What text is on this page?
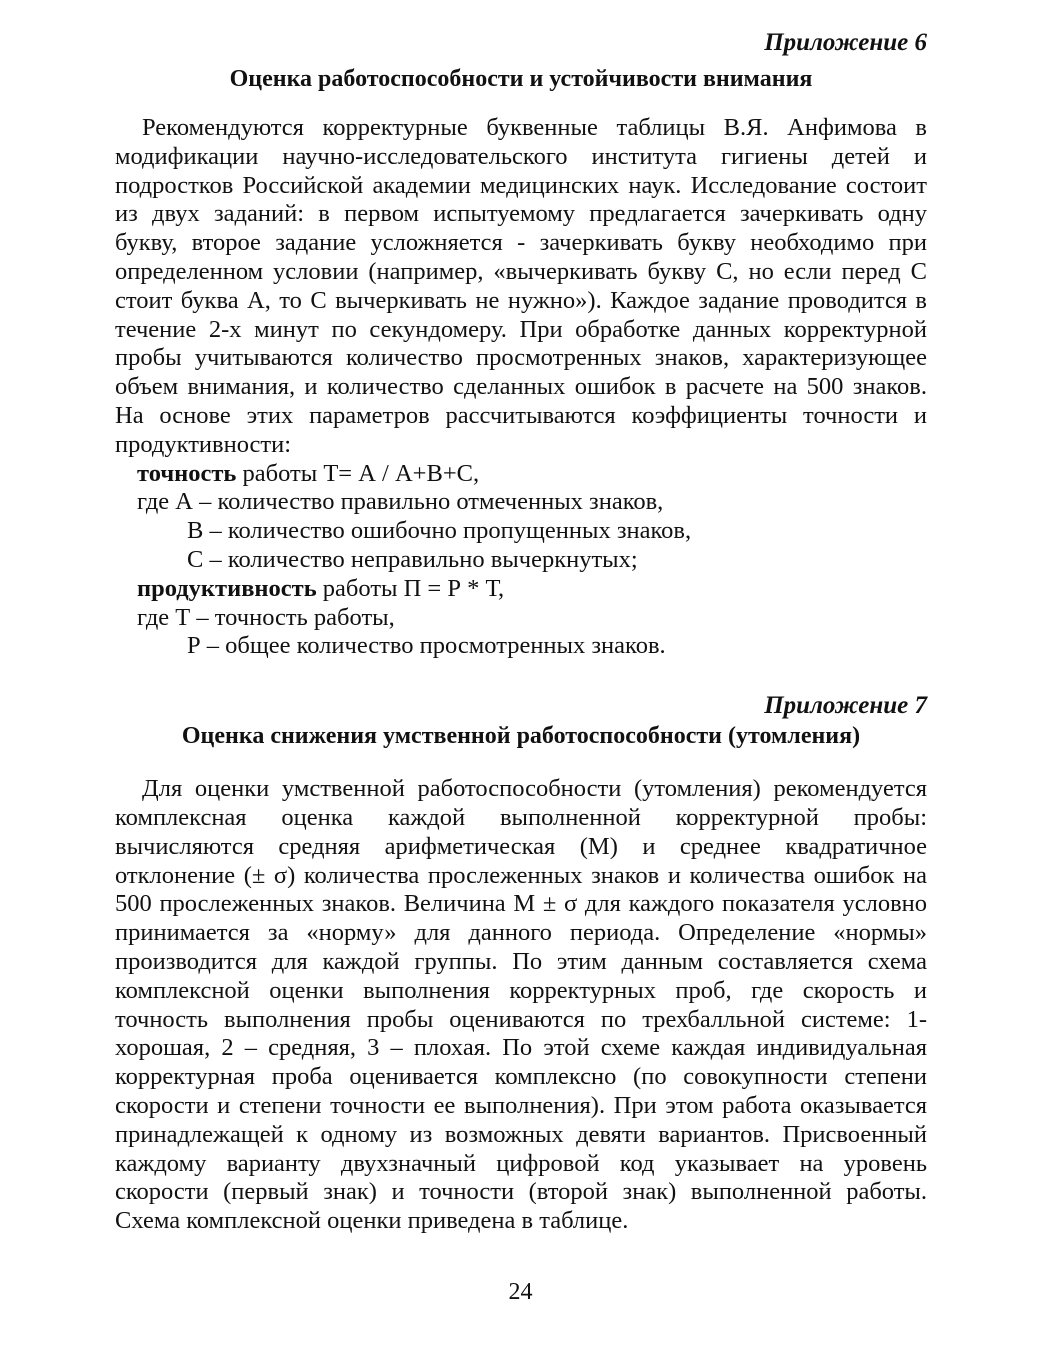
Приложение 6
Оценка работоспособности и устойчивости внимания

Рекомендуются корректурные буквенные таблицы В.Я. Анфимова в модификации научно-исследовательского института гигиены детей и подростков Российской академии медицинских наук. Исследование состоит из двух заданий: в первом испытуемому предлагается зачеркивать одну букву, второе задание усложняется - зачеркивать букву необходимо при определенном условии (например, «вычеркивать букву С, но если перед С стоит буква А, то С вычеркивать не нужно»). Каждое задание проводится в течение 2-х минут по секундомеру. При обработке данных корректурной пробы учитываются количество просмотренных знаков, характеризующее объем внимания, и количество сделанных ошибок в расчете на 500 знаков. На основе этих параметров рассчитываются коэффициенты точности и продуктивности:

точность работы Т= А / А+В+С,
где А – количество правильно отмеченных знаков,
В – количество ошибочно пропущенных знаков,
С – количество неправильно вычеркнутых;
продуктивность работы П = Р * Т,
где Т – точность работы,
Р – общее количество просмотренных знаков.
Приложение 7
Оценка снижения умственной работоспособности (утомления)

Для оценки умственной работоспособности (утомления) рекомендуется комплексная оценка каждой выполненной корректурной пробы: вычисляются средняя арифметическая (М) и среднее квадратичное отклонение (± σ) количества прослеженных знаков и количества ошибок на 500 прослеженных знаков. Величина М ± σ для каждого показателя условно принимается за «норму» для данного периода. Определение «нормы» производится для каждой группы. По этим данным составляется схема комплексной оценки выполнения корректурных проб, где скорость и точность выполнения пробы оцениваются по трехбалльной системе: 1-хорошая, 2 – средняя, 3 – плохая. По этой схеме каждая индивидуальная корректурная проба оценивается комплексно (по совокупности степени скорости и степени точности ее выполнения). При этом работа оказывается принадлежащей к одному из возможных девяти вариантов. Присвоенный каждому варианту двухзначный цифровой код указывает на уровень скорости (первый знак) и точности (второй знак) выполненной работы. Схема комплексной оценки приведена в таблице.

24
